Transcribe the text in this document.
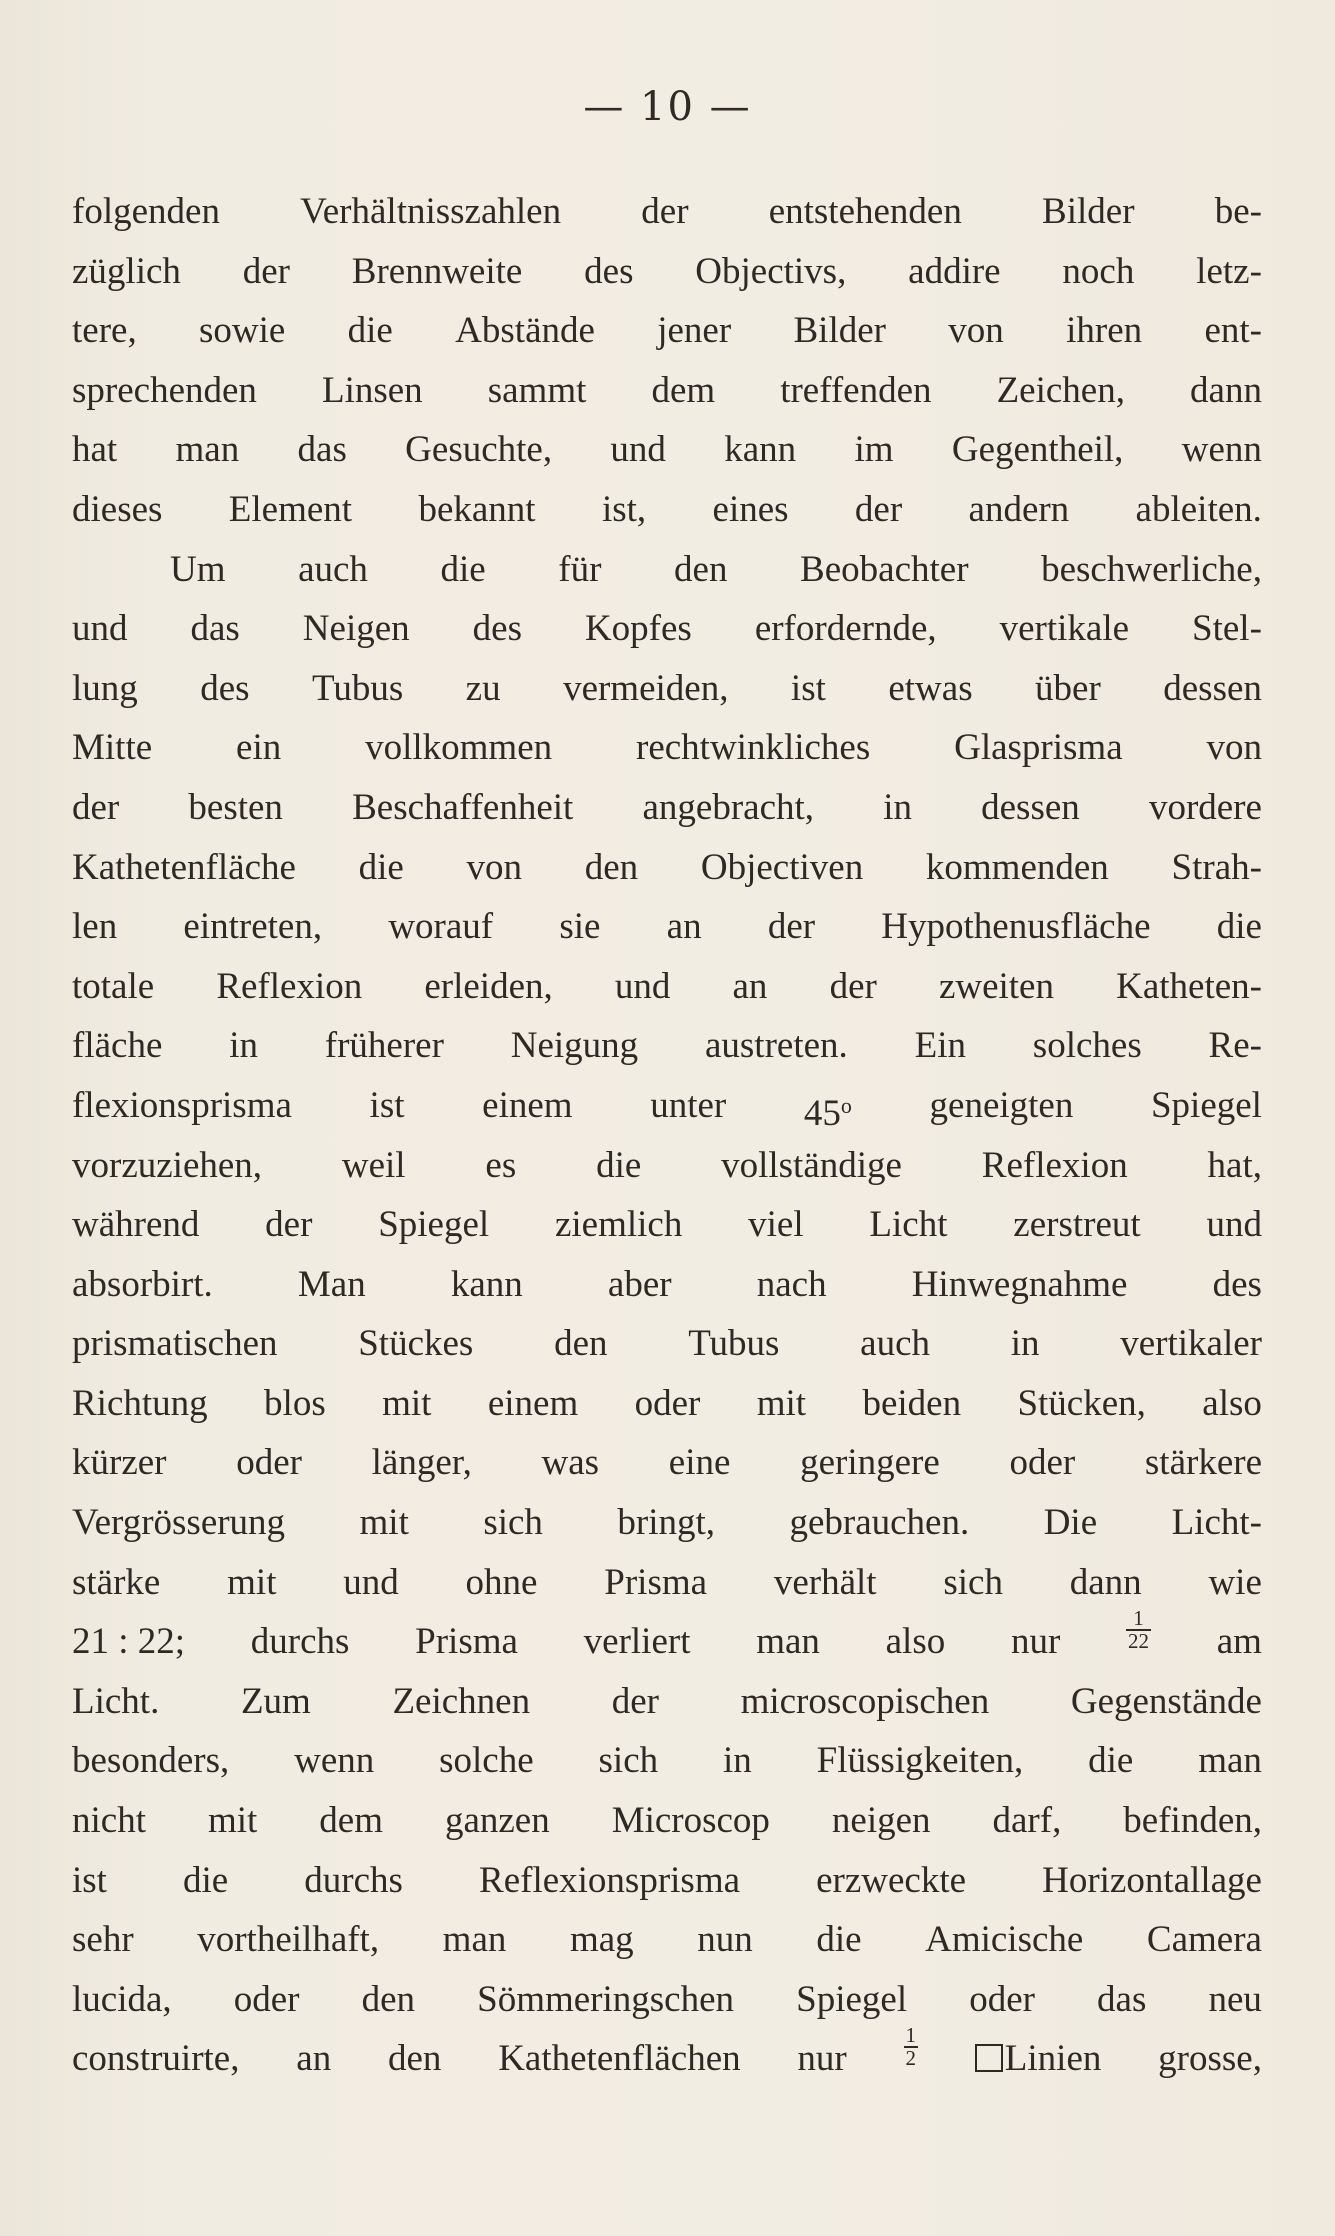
— 10 —
folgenden Verhältnisszahlen der entstehenden Bilder be-
züglich der Brennweite des Objectivs, addire noch letz-
tere, sowie die Abstände jener Bilder von ihren ent-
sprechenden Linsen sammt dem treffenden Zeichen, dann
hat man das Gesuchte, und kann im Gegentheil, wenn
dieses Element bekannt ist, eines der andern ableiten.
Um auch die für den Beobachter beschwerliche,
und das Neigen des Kopfes erfordernde, vertikale Stel-
lung des Tubus zu vermeiden, ist etwas über dessen
Mitte ein vollkommen rechtwinkliches Glasprisma von
der besten Beschaffenheit angebracht, in dessen vordere
Kathetenfläche die von den Objectiven kommenden Strah-
len eintreten, worauf sie an der Hypothenusfläche die
totale Reflexion erleiden, und an der zweiten Katheten-
fläche in früherer Neigung austreten. Ein solches Re-
flexionsprisma ist einem unter 45$^o$ geneigten Spiegel
vorzuziehen, weil es die vollständige Reflexion hat,
während der Spiegel ziemlich viel Licht zerstreut und
absorbirt. Man kann aber nach Hinwegnahme des
prismatischen Stückes den Tubus auch in vertikaler
Richtung blos mit einem oder mit beiden Stücken, also
kürzer oder länger, was eine geringere oder stärkere
Vergrösserung mit sich bringt, gebrauchen. Die Licht-
stärke mit und ohne Prisma verhält sich dann wie
21 : 22; durchs Prisma verliert man also nur	$\frac{1}{22}$ am
Licht. Zum Zeichnen der microscopischen Gegenstände
besonders, wenn solche sich in Flüssigkeiten, die man
nicht mit dem ganzen Microscop neigen darf, befinden,
ist die durchs Reflexionsprisma erzweckte Horizontallage
sehr vortheilhaft, man mag nun die Amicische Camera
lucida, oder den Sömmeringschen Spiegel oder das neu
construirte, an den Kathetenflächen nur	$\frac{1}{2}$	Linien grosse,
